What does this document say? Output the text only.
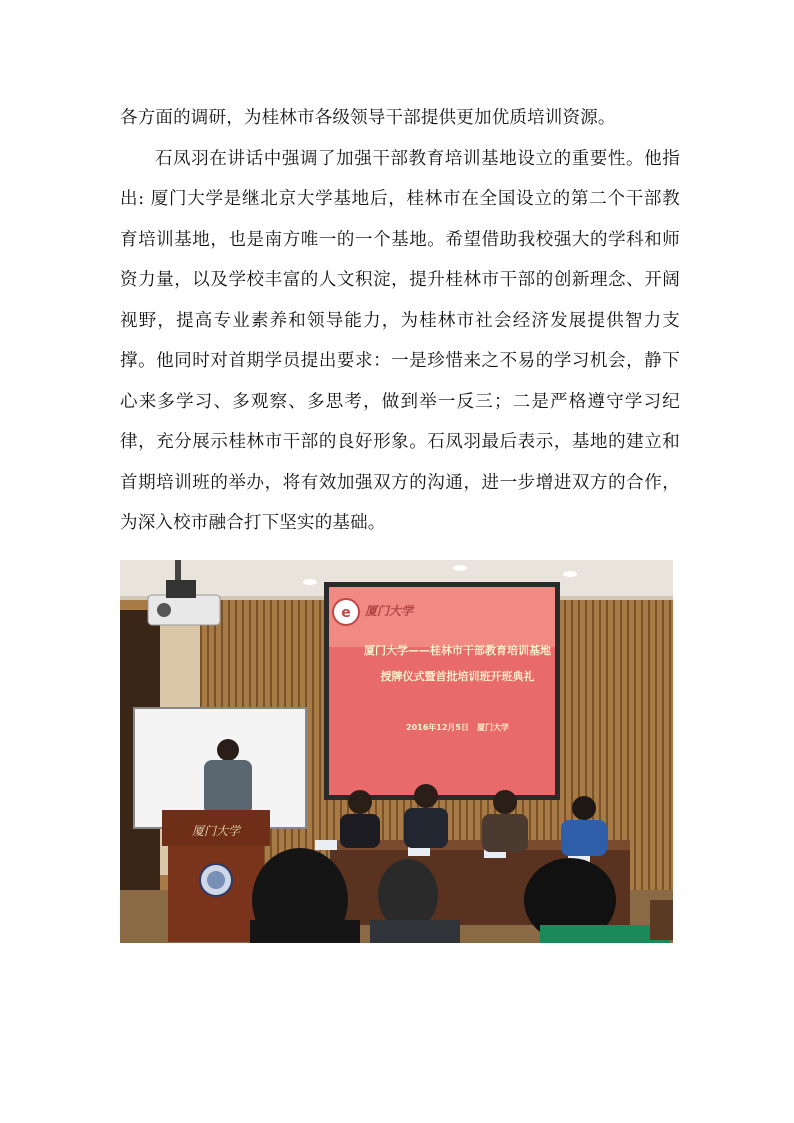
各方面的调研，为桂林市各级领导干部提供更加优质培训资源。

石凤羽在讲话中强调了加强干部教育培训基地设立的重要性。他指出: 厦门大学是继北京大学基地后，桂林市在全国设立的第二个干部教育培训基地，也是南方唯一的一个基地。希望借助我校强大的学科和师资力量，以及学校丰富的人文积淀，提升桂林市干部的创新理念、开阔视野，提高专业素养和领导能力，为桂林市社会经济发展提供智力支撑。他同时对首期学员提出要求：一是珍惜来之不易的学习机会，静下心来多学习、多观察、多思考，做到举一反三；二是严格遵守学习纪律，充分展示桂林市干部的良好形象。石凤羽最后表示，基地的建立和首期培训班的举办，将有效加强双方的沟通，进一步增进双方的合作，为深入校市融合打下坚实的基础。

e 厦门大学
厦门大学——桂林市干部教育培训基地
授牌仪式暨首批培训班开班典礼
2016年12月5日　厦门大学
厦门大学
